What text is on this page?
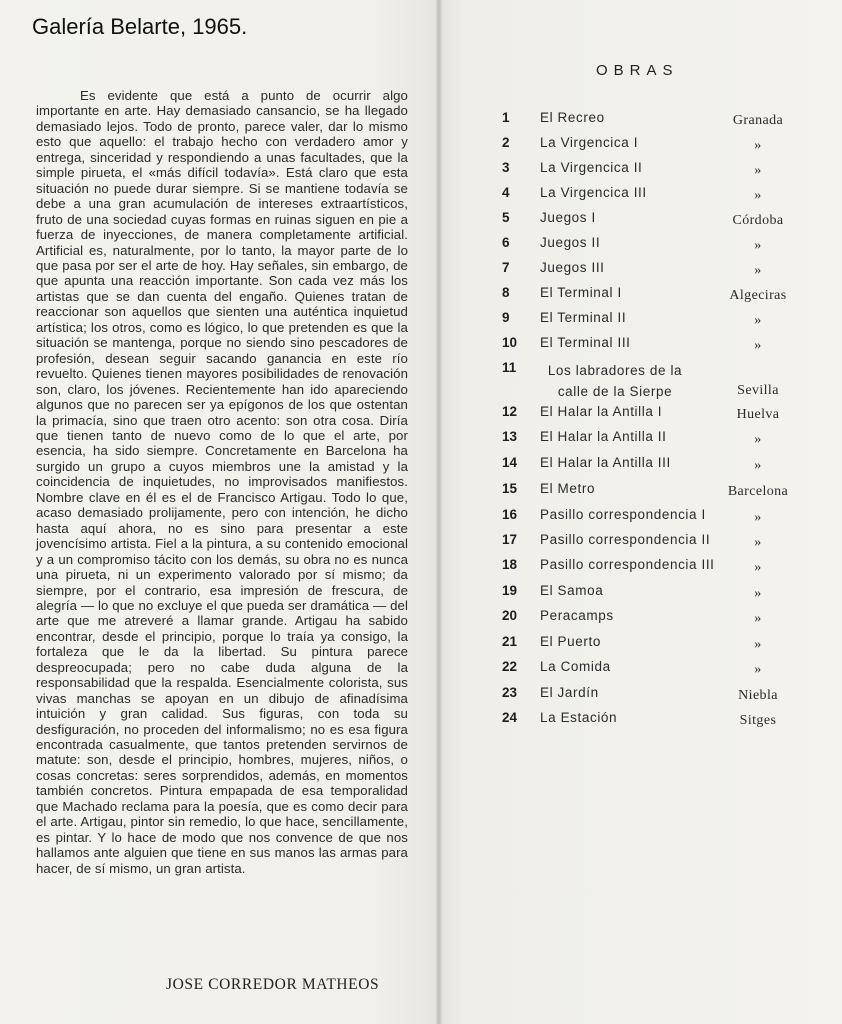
Galería Belarte, 1965.

Es evidente que está a punto de ocurrir algo importante en arte. Hay demasiado cansancio, se ha llegado demasiado lejos. Todo de pronto, parece valer, dar lo mismo esto que aquello: el trabajo hecho con verdadero amor y entrega, sinceridad y respondiendo a unas facultades, que la simple pirueta, el «más difícil todavía». Está claro que esta situación no puede durar siempre. Si se mantiene todavía se debe a una gran acumulación de intereses extraartísticos, fruto de una sociedad cuyas formas en ruinas siguen en pie a fuerza de inyecciones, de manera completamente artificial. Artificial es, naturalmente, por lo tanto, la mayor parte de lo que pasa por ser el arte de hoy. Hay señales, sin embargo, de que apunta una reacción importante. Son cada vez más los artistas que se dan cuenta del engaño. Quienes tratan de reaccionar son aquellos que sienten una auténtica inquietud artística; los otros, como es lógico, lo que pretenden es que la situación se mantenga, porque no siendo sino pescadores de profesión, desean seguir sacando ganancia en este río revuelto. Quienes tienen mayores posibilidades de renovación son, claro, los jóvenes. Recientemente han ido apareciendo algunos que no parecen ser ya epígonos de los que ostentan la primacía, sino que traen otro acento: son otra cosa. Diría que tienen tanto de nuevo como de lo que el arte, por esencia, ha sido siempre. Concretamente en Barcelona ha surgido un grupo a cuyos miembros une la amistad y la coincidencia de inquietudes, no improvisados manifiestos. Nombre clave en él es el de Francisco Artigau. Todo lo que, acaso demasiado prolijamente, pero con intención, he dicho hasta aquí ahora, no es sino para presentar a este jovencísimo artista. Fiel a la pintura, a su contenido emocional y a un compromiso tácito con los demás, su obra no es nunca una pirueta, ni un experimento valorado por sí mismo; da siempre, por el contrario, esa impresión de frescura, de alegría — lo que no excluye el que pueda ser dramática — del arte que me atreveré a llamar grande. Artigau ha sabido encontrar, desde el principio, porque lo traía ya consigo, la fortaleza que le da la libertad. Su pintura parece despreocupada; pero no cabe duda alguna de la responsabilidad que la respalda. Esencialmente colorista, sus vivas manchas se apoyan en un dibujo de afinadísima intuición y gran calidad. Sus figuras, con toda su desfiguración, no proceden del informalismo; no es esa figura encontrada casualmente, que tantos pretenden servirnos de matute: son, desde el principio, hombres, mujeres, niños, o cosas concretas: seres sorprendidos, además, en momentos también concretos. Pintura empapada de esa temporalidad que Machado reclama para la poesía, que es como decir para el arte. Artigau, pintor sin remedio, lo que hace, sencillamente, es pintar. Y lo hace de modo que nos convence de que nos hallamos ante alguien que tiene en sus manos las armas para hacer, de sí mismo, un gran artista.

JOSE CORREDOR MATHEOS
OBRAS
1 El Recreo	Granada
2 La Virgencica I	»
3 La Virgencica II	»
4 La Virgencica III	»
5 Juegos I	Córdoba
6 Juegos II	»
7 Juegos III	»
8 El Terminal I	Algeciras
9 El Terminal II	»
10 El Terminal III	»
11	Los labradores de la
calle de la Sierpe	Sevilla
12 El Halar la Antilla I	Huelva
13 El Halar la Antilla II	»
14 El Halar la Antilla III	»
15 El Metro	Barcelona
16 Pasillo correspondencia I	»
17 Pasillo correspondencia II	»
18 Pasillo correspondencia III	»
19 El Samoa	»
20 Peracamps	»
21 El Puerto	»
22 La Comida	»
23 El Jardín	Niebla
24 La Estación	Sitges
